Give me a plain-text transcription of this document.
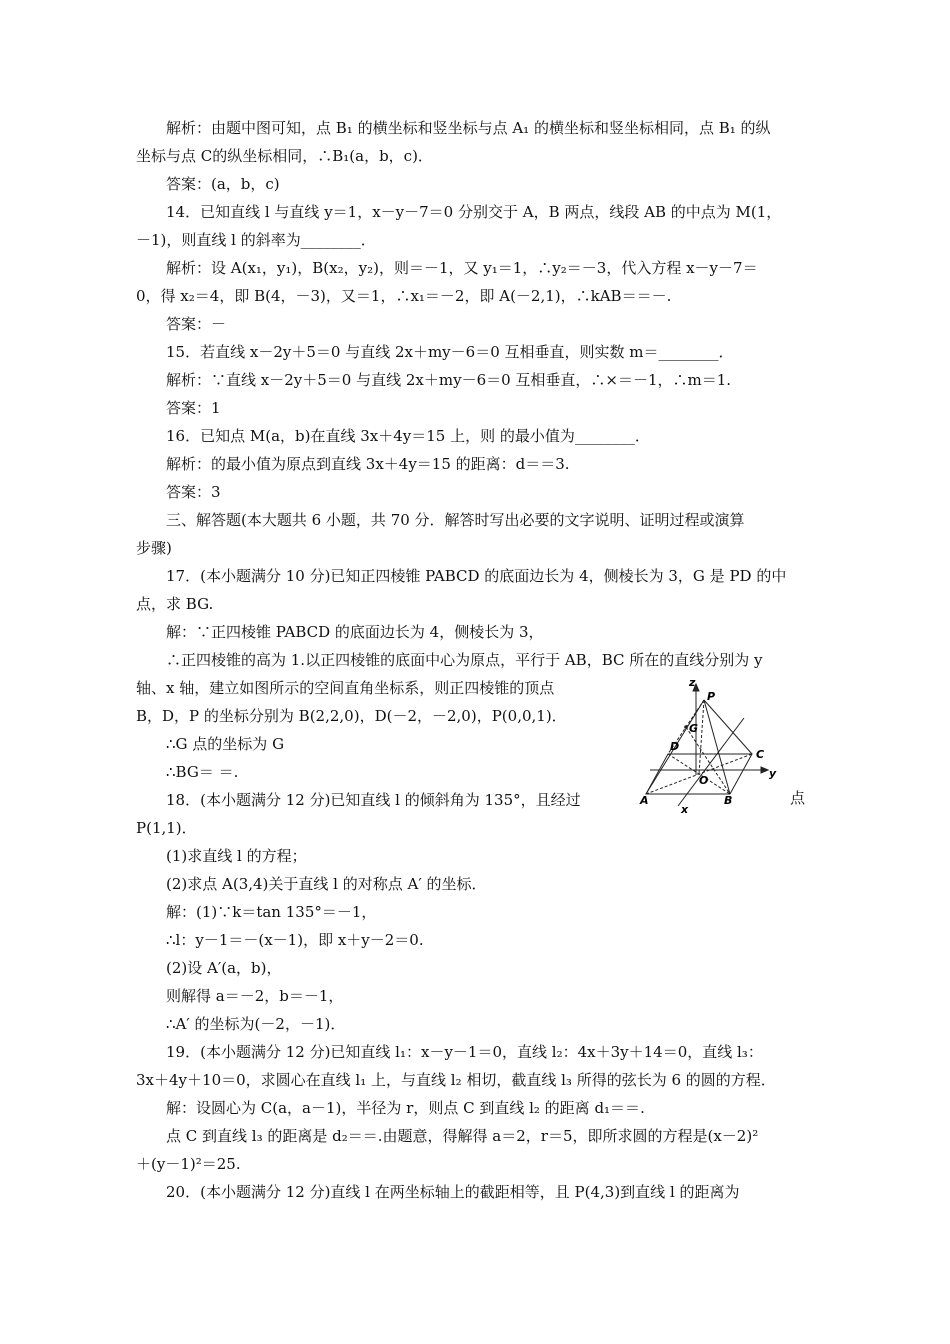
解析：由题中图可知，点 B₁ 的横坐标和竖坐标与点 A₁ 的横坐标和竖坐标相同，点 B₁ 的纵
坐标与点 C的纵坐标相同，∴B₁(a，b，c)．
答案：(a，b，c)
14．已知直线 l 与直线 y＝1，x－y－7＝0 分别交于 A，B 两点，线段 AB 的中点为 M(1，
－1)，则直线 l 的斜率为________．
解析：设 A(x₁，y₁)，B(x₂，y₂)，则＝－1，又 y₁＝1，∴y₂＝－3，代入方程 x－y－7＝
0，得 x₂＝4，即 B(4，－3)，又＝1，∴x₁＝－2，即 A(－2,1)，∴kAB＝＝－.
答案：－
15．若直线 x－2y＋5＝0 与直线 2x＋my－6＝0 互相垂直，则实数 m＝________．
解析：∵直线 x－2y＋5＝0 与直线 2x＋my－6＝0 互相垂直，∴×＝－1，∴m＝1.
答案：1
16．已知点 M(a，b)在直线 3x＋4y＝15 上，则 的最小值为________．
解析：的最小值为原点到直线 3x＋4y＝15 的距离：d＝＝3.
答案：3
三、解答题(本大题共 6 小题，共 70 分．解答时写出必要的文字说明、证明过程或演算
步骤)
17．(本小题满分 10 分)已知正四棱锥 PABCD 的底面边长为 4，侧棱长为 3，G 是 PD 的中
点，求 BG.
解：∵正四棱锥 PABCD 的底面边长为 4，侧棱长为 3，
∴正四棱锥的高为 1.以正四棱锥的底面中心为原点，平行于 AB，BC 所在的直线分别为 y
轴、x 轴，建立如图所示的空间直角坐标系，则正四棱锥的顶点
B，D，P 的坐标分别为 B(2,2,0)，D(－2，－2,0)，P(0,0,1)．
∴G 点的坐标为 G
∴BG＝ ＝.
18．(本小题满分 12 分)已知直线 l 的倾斜角为 135°，且经过	点
P(1,1)．
(1)求直线 l 的方程；
(2)求点 A(3,4)关于直线 l 的对称点 A′ 的坐标．
解：(1)∵k＝tan 135°＝－1，
∴l：y－1＝－(x－1)，即 x＋y－2＝0.
(2)设 A′(a，b)，
则解得 a＝－2，b＝－1，
∴A′ 的坐标为(－2，－1)．
19．(本小题满分 12 分)已知直线 l₁：x－y－1＝0，直线 l₂：4x＋3y＋14＝0，直线 l₃：
3x＋4y＋10＝0，求圆心在直线 l₁ 上，与直线 l₂ 相切，截直线 l₃ 所得的弦长为 6 的圆的方程．
解：设圆心为 C(a，a－1)，半径为 r，则点 C 到直线 l₂ 的距离 d₁＝＝.
点 C 到直线 l₃ 的距离是 d₂＝＝.由题意，得解得 a＝2，r＝5，即所求圆的方程是(x－2)²
＋(y－1)²＝25.
20．(本小题满分 12 分)直线 l 在两坐标轴上的截距相等，且 P(4,3)到直线 l 的距离为
z
P
G
D
C
O
y
A	B
x
